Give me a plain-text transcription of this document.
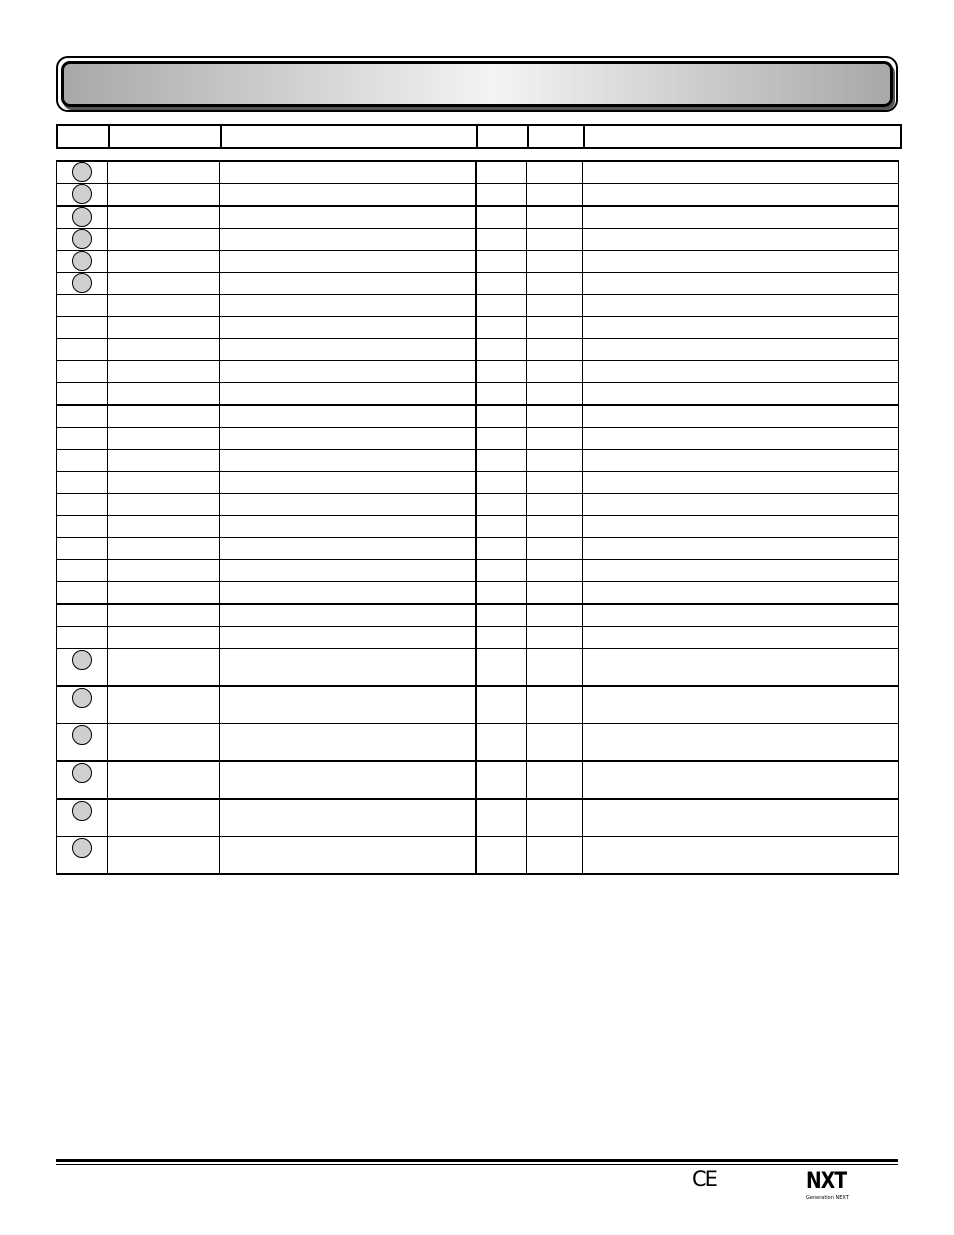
CE	NXT
Generation NEXT
